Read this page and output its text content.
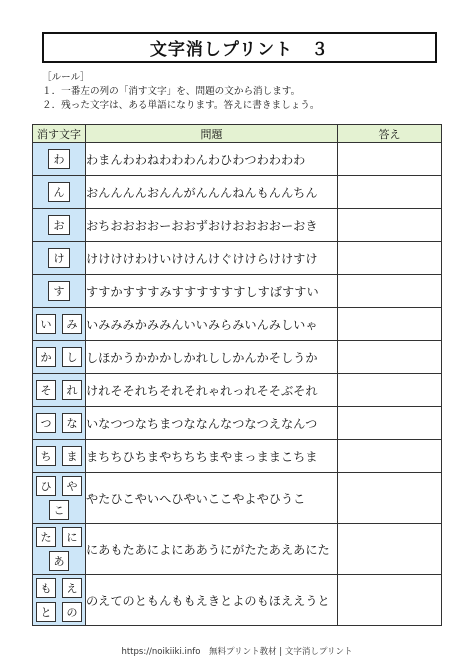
文字消しプリント　３
［ルール］
１．一番左の列の「消す文字」を、問題の文から消します。
２．残った文字は、ある単語になります。答えに書きましょう。
消す文字	問題	答え

わ	わまんわわねわわわんわひわつわわわわ	

ん	おんんんんおんんがんんんねんもんんちん	

お	おちおおおおーおおずおけおおおおーおき	

け	けけけけわけいけけんけぐけけらけけすけ	

す	すすかすすすみすすすすすすしすばすすい	

い み	いみみみかみみんいいみらみいんみしいゃ	

か し	しほかうかかかしかれししかんかそしうか	

そ れ	けれそそれちそれそれゃれっれそそぶそれ	

つ な	いなつつなちまつななんなつなつえなんつ	

ち ま	まちちひちまやちちちまやまっままこちま	

ひ や
こ	やたひこやいへひやいここやよやひうこ	

た に
あ	にあもたあによにああうにがたたあえあにた	

も え
と の	のえてのともんももえきとよのもほええうと	
https://noikiiki.info　無料プリント教材 | 文字消しプリント
